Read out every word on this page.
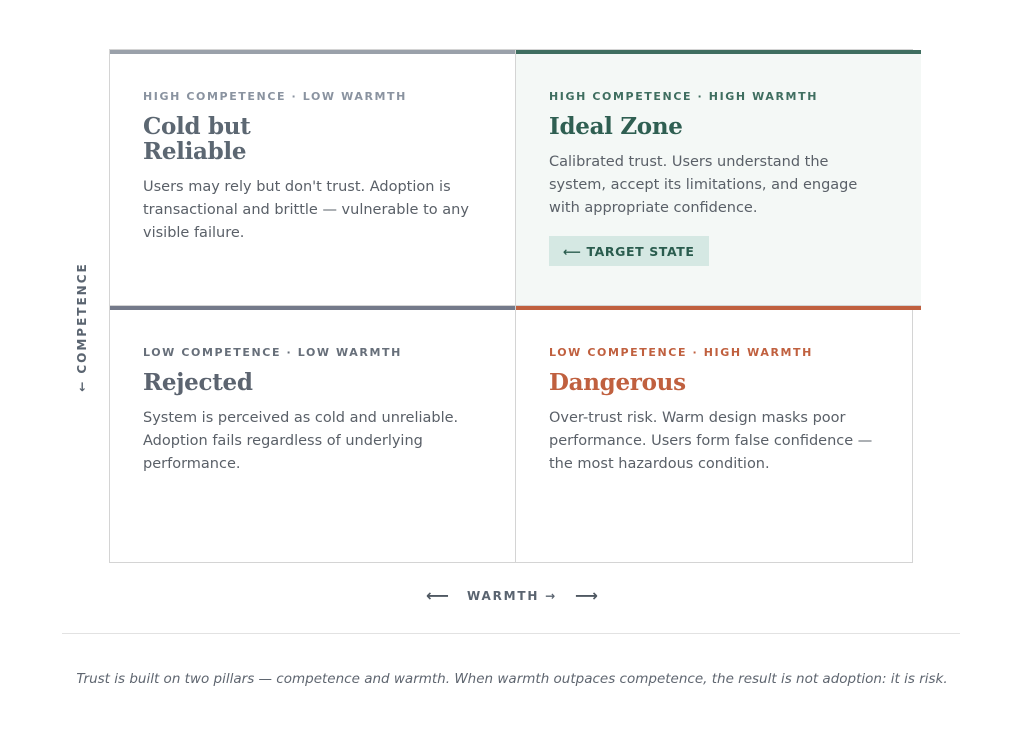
←
COMPETENCE

HIGH COMPETENCE · LOW WARMTH

Cold but Reliable

Users may rely but don't trust. Adoption is transactional and brittle — vulnerable to any visible failure.

HIGH COMPETENCE · HIGH WARMTH

Ideal Zone

Calibrated trust. Users understand the system, accept its limitations, and engage with appropriate confidence.

⟵ TARGET STATE

LOW COMPETENCE · LOW WARMTH

Rejected

System is perceived as cold and unreliable. Adoption fails regardless of underlying performance.

LOW COMPETENCE · HIGH WARMTH

Dangerous

Over-trust risk. Warm design masks poor performance. Users form false confidence — the most hazardous condition.

⟵ WARMTH → ⟶

Trust is built on two pillars — competence and warmth. When warmth outpaces competence, the result is not adoption: it is risk.
